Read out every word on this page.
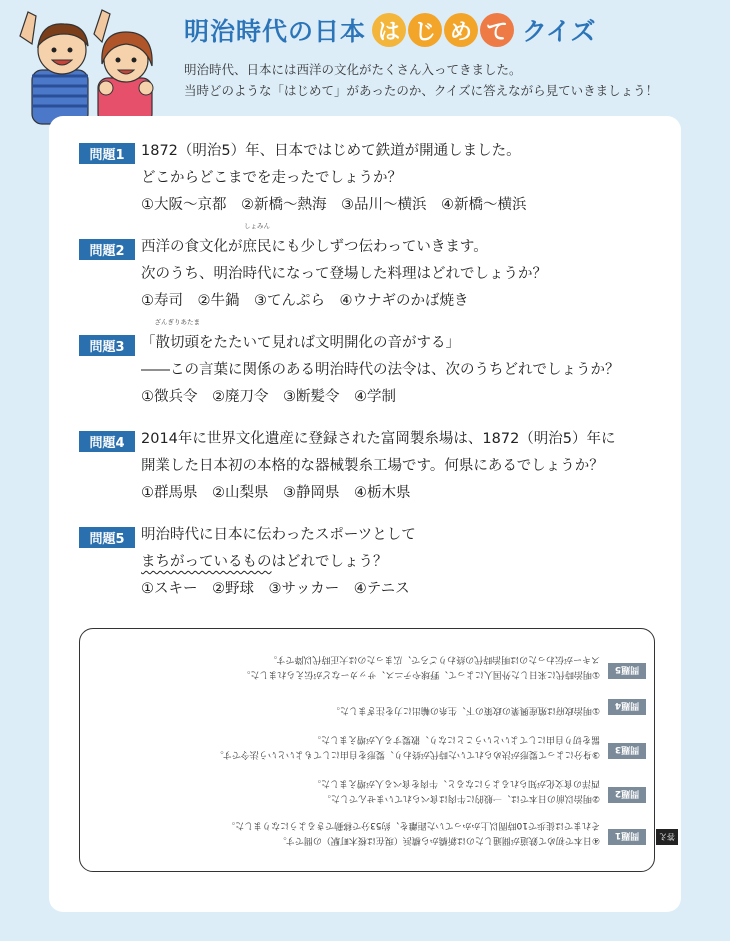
明治時代の日本 は じ め て クイズ
明治時代、日本には西洋の文化がたくさん入ってきました。
当時どのような「はじめて」があったのか、クイズに答えながら見ていきましょう！
問題1	1872（明治5）年、日本ではじめて鉄道が開通しました。
どこからどこまでを走ったでしょうか？
①大阪〜京都　②新橋〜熱海　③品川〜横浜　④新橋〜横浜
問題2	西洋の食文化が
しょみん
庶民にも少しずつ伝わっていきます。
次のうち、明治時代になって登場した料理はどれでしょうか？
①寿司　②牛鍋　③てんぷら　④ウナギのかば焼き
問題3	「
ざんぎりあたま
散切頭をたたいて見れば文明開化の音がする」
――この言葉に関係のある明治時代の法令は、次のうちどれでしょうか？
①徴兵令　②廃刀令　③断髪令　④学制
問題4	2014年に世界文化遺産に登録された富岡製糸場は、1872（明治5）年に
開業した日本初の本格的な器械製糸工場です。何県にあるでしょうか？
①群馬県　②山梨県　③静岡県　④栃木県
問題5	明治時代に日本に伝わったスポーツとして
まちがっているものはどれでしょう？
①スキー　②野球　③サッカー　④テニス
答え
問題1
④日本で初めて鉄道が開通したのは新橋から横浜（現在は桜木町駅）の間です。
それまでは徒歩で10時間以上かかっていた距離を、約53分で移動できるようになりました。
問題2
②明治以前の日本では、一般的に牛肉は食べられていませんでした。
西洋の食文化が知られるようになると、牛肉を食べる人が増えました。
問題3
③身分によって髪形が決められていた時代が終わり、髪形を自由にしてもよいという法令です。
髷を切り自由にしてよいということになり、散髪する人が増えました。
問題4
①明治政府は殖産興業の政策の下、生糸の輸出に力を注ぎました。
問題5
①明治時代に来日した外国人によって、野球やテニス、サッカーなどが伝えられました。
スキーが伝わったのは明治時代の終わりごろで、広まったのは大正時代以降です。
